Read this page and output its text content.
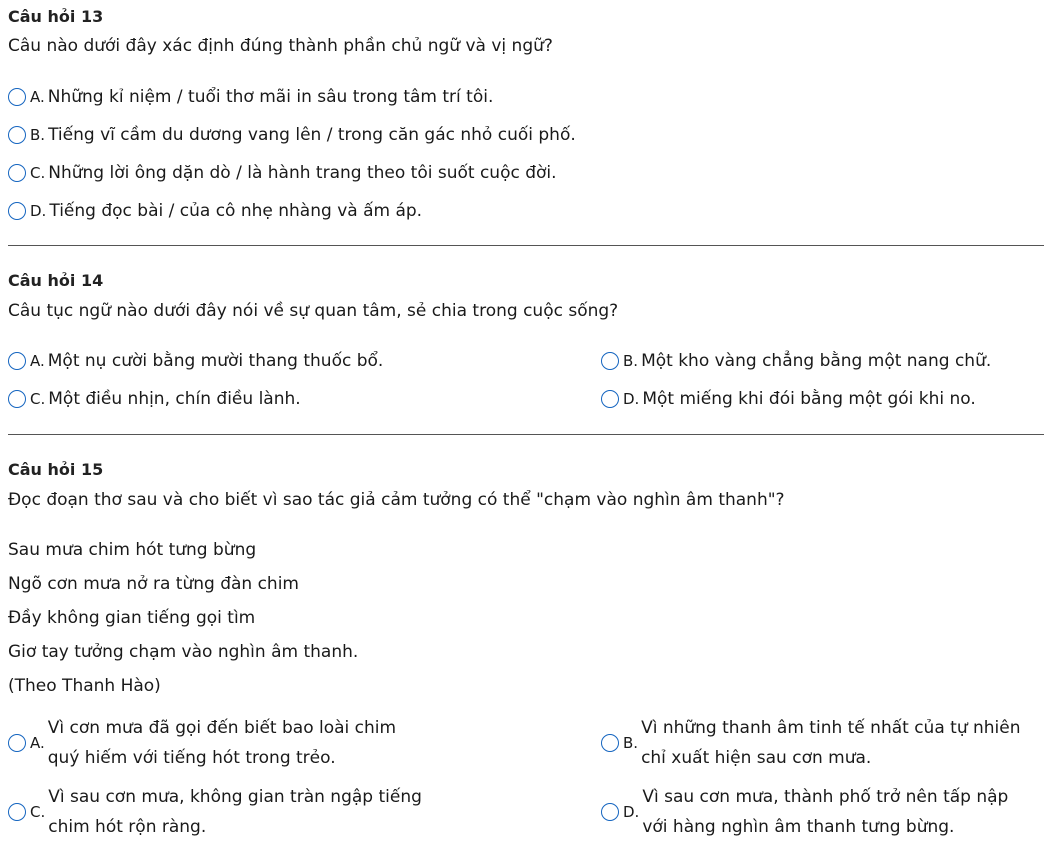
Câu hỏi 13
Câu nào dưới đây xác định đúng thành phần chủ ngữ và vị ngữ?
A. Những kỉ niệm / tuổi thơ mãi in sâu trong tâm trí tôi.
B. Tiếng vĩ cầm du dương vang lên / trong căn gác nhỏ cuối phố.
C. Những lời ông dặn dò / là hành trang theo tôi suốt cuộc đời.
D. Tiếng đọc bài / của cô nhẹ nhàng và ấm áp.
Câu hỏi 14
Câu tục ngữ nào dưới đây nói về sự quan tâm, sẻ chia trong cuộc sống?
A. Một nụ cười bằng mười thang thuốc bổ.	B. Một kho vàng chẳng bằng một nang chữ.
C. Một điều nhịn, chín điều lành.	D. Một miếng khi đói bằng một gói khi no.
Câu hỏi 15
Đọc đoạn thơ sau và cho biết vì sao tác giả cảm tưởng có thể "chạm vào nghìn âm thanh"?
Sau mưa chim hót tưng bừng
Ngõ cơn mưa nở ra từng đàn chim
Đầy không gian tiếng gọi tìm
Giơ tay tưởng chạm vào nghìn âm thanh.
(Theo Thanh Hào)
A.
Vì cơn mưa đã gọi đến biết bao loài chim
quý hiếm với tiếng hót trong trẻo.
B.
Vì những thanh âm tinh tế nhất của tự nhiên
chỉ xuất hiện sau cơn mưa.
C.
Vì sau cơn mưa, không gian tràn ngập tiếng
chim hót rộn ràng.
D.
Vì sau cơn mưa, thành phố trở nên tấp nập
với hàng nghìn âm thanh tưng bừng.
